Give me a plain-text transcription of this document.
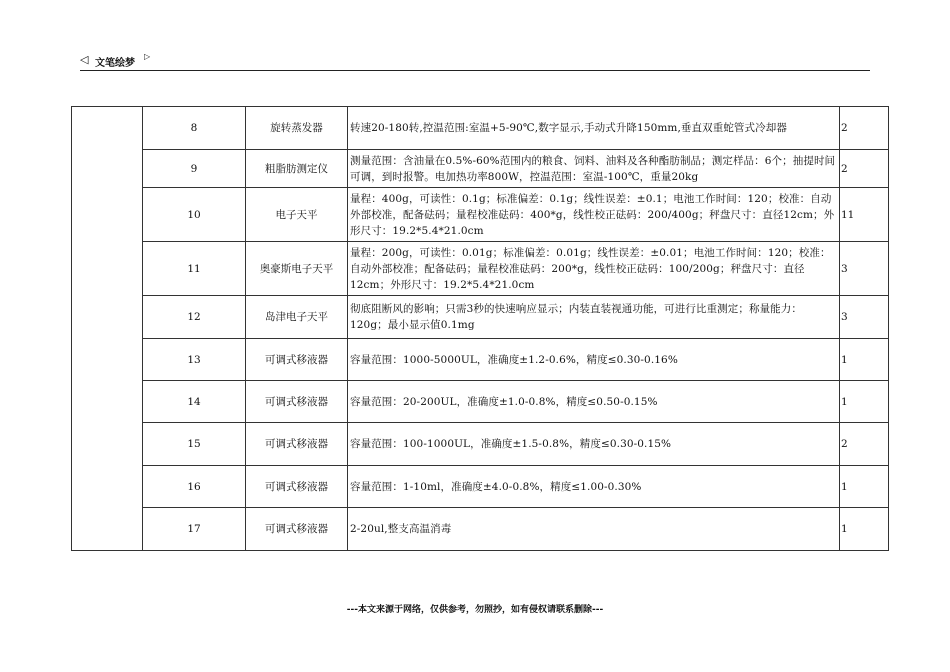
◁ 文笔绘梦
▷
	8	旋转蒸发器	转速20-180转,控温范围:室温+5-90℃,数字显示,手动式升降150mm,垂直双重蛇管式冷却器	2
	9	粗脂肪测定仪	测量范围：含油量在0.5%-60%范围内的粮食、饲料、油料及各种酯肪制品；测定样品：6个；抽提时间可调，到时报警。电加热功率800W，控温范围：室温-100℃，重量20kg	2
	10	电子天平	量程：400g，可读性：0.1g；标准偏差：0.1g；线性误差：±0.1；电池工作时间：120；校准：自动外部校准，配备砝码；量程校准砝码：400*g，线性校正砝码：200/400g；秤盘尺寸：直径12cm；外形尺寸：19.2*5.4*21.0cm	11
	11	奥豪斯电子天平	量程：200g，可读性：0.01g；标准偏差：0.01g；线性误差：±0.01；电池工作时间：120；校准：自动外部校准；配备砝码；量程校准砝码：200*g，线性校正砝码：100/200g；秤盘尺寸：直径12cm；外形尺寸：19.2*5.4*21.0cm	3
	12	岛津电子天平	彻底阻断风的影响；只需3秒的快速响应显示；内装直装视通功能，可进行比重测定；称量能力：120g；最小显示值0.1mg	3
	13	可调式移液器	容量范围：1000-5000UL，准确度±1.2-0.6%，精度≤0.30-0.16%	1
	14	可调式移液器	容量范围：20-200UL，准确度±1.0-0.8%，精度≤0.50-0.15%	1
	15	可调式移液器	容量范围：100-1000UL，准确度±1.5-0.8%，精度≤0.30-0.15%	2
	16	可调式移液器	容量范围：1-10ml，准确度±4.0-0.8%，精度≤1.00-0.30%	1
	17	可调式移液器	2-20ul,整支高温消毒	1
---本文来源于网络，仅供参考，勿照抄，如有侵权请联系删除---
